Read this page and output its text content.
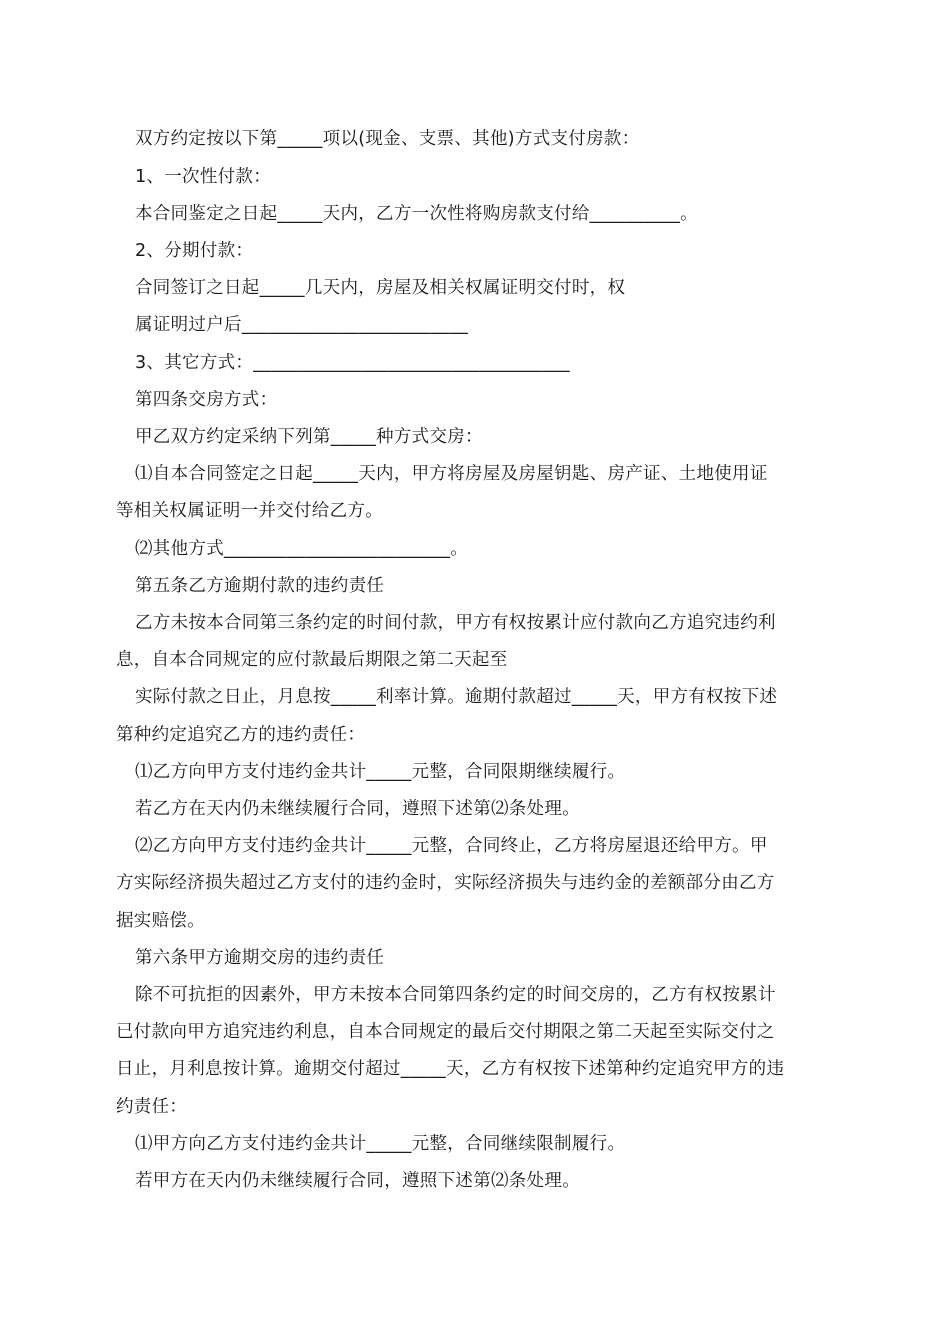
双方约定按以下第_____项以(现金、支票、其他)方式支付房款：
1、一次性付款：
本合同鉴定之日起_____天内，乙方一次性将购房款支付给__________。
2、分期付款：
合同签订之日起_____几天内，房屋及相关权属证明交付时，权
属证明过户后_________________________
3、其它方式：___________________________________
第四条交房方式：
甲乙双方约定采纳下列第_____种方式交房：
⑴自本合同签定之日起_____天内，甲方将房屋及房屋钥匙、房产证、土地使用证
等相关权属证明一并交付给乙方。
⑵其他方式_________________________。
第五条乙方逾期付款的违约责任
乙方未按本合同第三条约定的时间付款，甲方有权按累计应付款向乙方追究违约利
息，自本合同规定的应付款最后期限之第二天起至
实际付款之日止，月息按_____利率计算。逾期付款超过_____天，甲方有权按下述
第种约定追究乙方的违约责任：
⑴乙方向甲方支付违约金共计_____元整，合同限期继续履行。
若乙方在天内仍未继续履行合同，遵照下述第⑵条处理。
⑵乙方向甲方支付违约金共计_____元整，合同终止，乙方将房屋退还给甲方。甲
方实际经济损失超过乙方支付的违约金时，实际经济损失与违约金的差额部分由乙方
据实赔偿。
第六条甲方逾期交房的违约责任
除不可抗拒的因素外，甲方未按本合同第四条约定的时间交房的，乙方有权按累计
已付款向甲方追究违约利息，自本合同规定的最后交付期限之第二天起至实际交付之
日止，月利息按计算。逾期交付超过_____天，乙方有权按下述第种约定追究甲方的违
约责任：
⑴甲方向乙方支付违约金共计_____元整，合同继续限制履行。
若甲方在天内仍未继续履行合同，遵照下述第⑵条处理。
